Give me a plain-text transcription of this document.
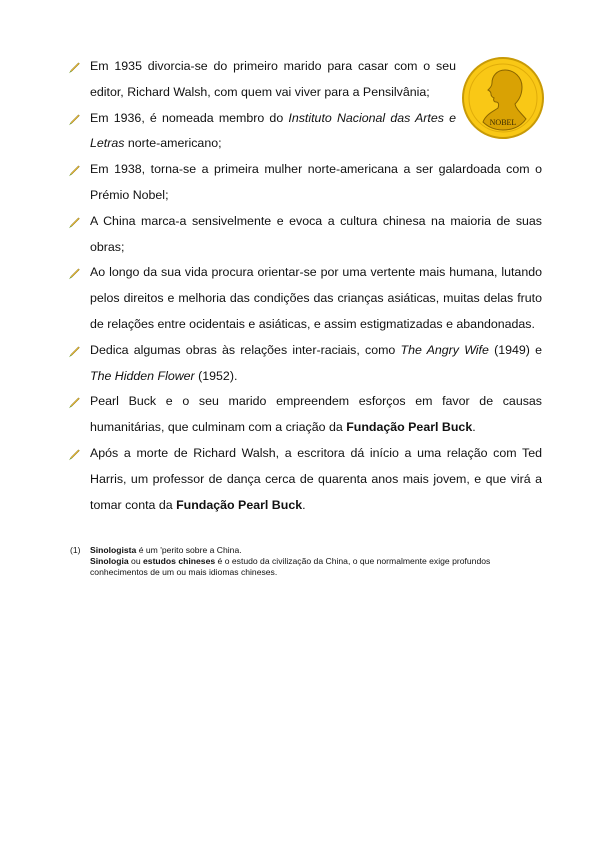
NOBEL
Em 1935 divorcia-se do primeiro marido para casar com o seu editor, Richard Walsh, com quem vai viver para a Pensilvânia;
Em 1936, é nomeada membro do Instituto Nacional das Artes e Letras norte-americano;
Em 1938, torna-se a primeira mulher norte-americana a ser galardoada com o Prémio Nobel;
A China marca-a sensivelmente e evoca a cultura chinesa na maioria de suas obras;
Ao longo da sua vida procura orientar-se por uma vertente mais humana, lutando pelos direitos e melhoria das condições das crianças asiáticas, muitas delas fruto de relações entre ocidentais e asiáticas, e assim estigmatizadas e abandonadas.
Dedica algumas obras às relações inter-raciais, como The Angry Wife (1949) e The Hidden Flower (1952).
Pearl Buck e o seu marido empreendem esforços em favor de causas humanitárias, que culminam com a criação da Fundação Pearl Buck.
Após a morte de Richard Walsh, a escritora dá início a uma relação com Ted Harris, um professor de dança cerca de quarenta anos mais jovem, e que virá a tomar conta da Fundação Pearl Buck.
(1) Sinologista é um 'perito sobre a China.
Sinologia ou estudos chineses é o estudo da civilização da China, o que normalmente exige profundos conhecimentos de um ou mais idiomas chineses.
